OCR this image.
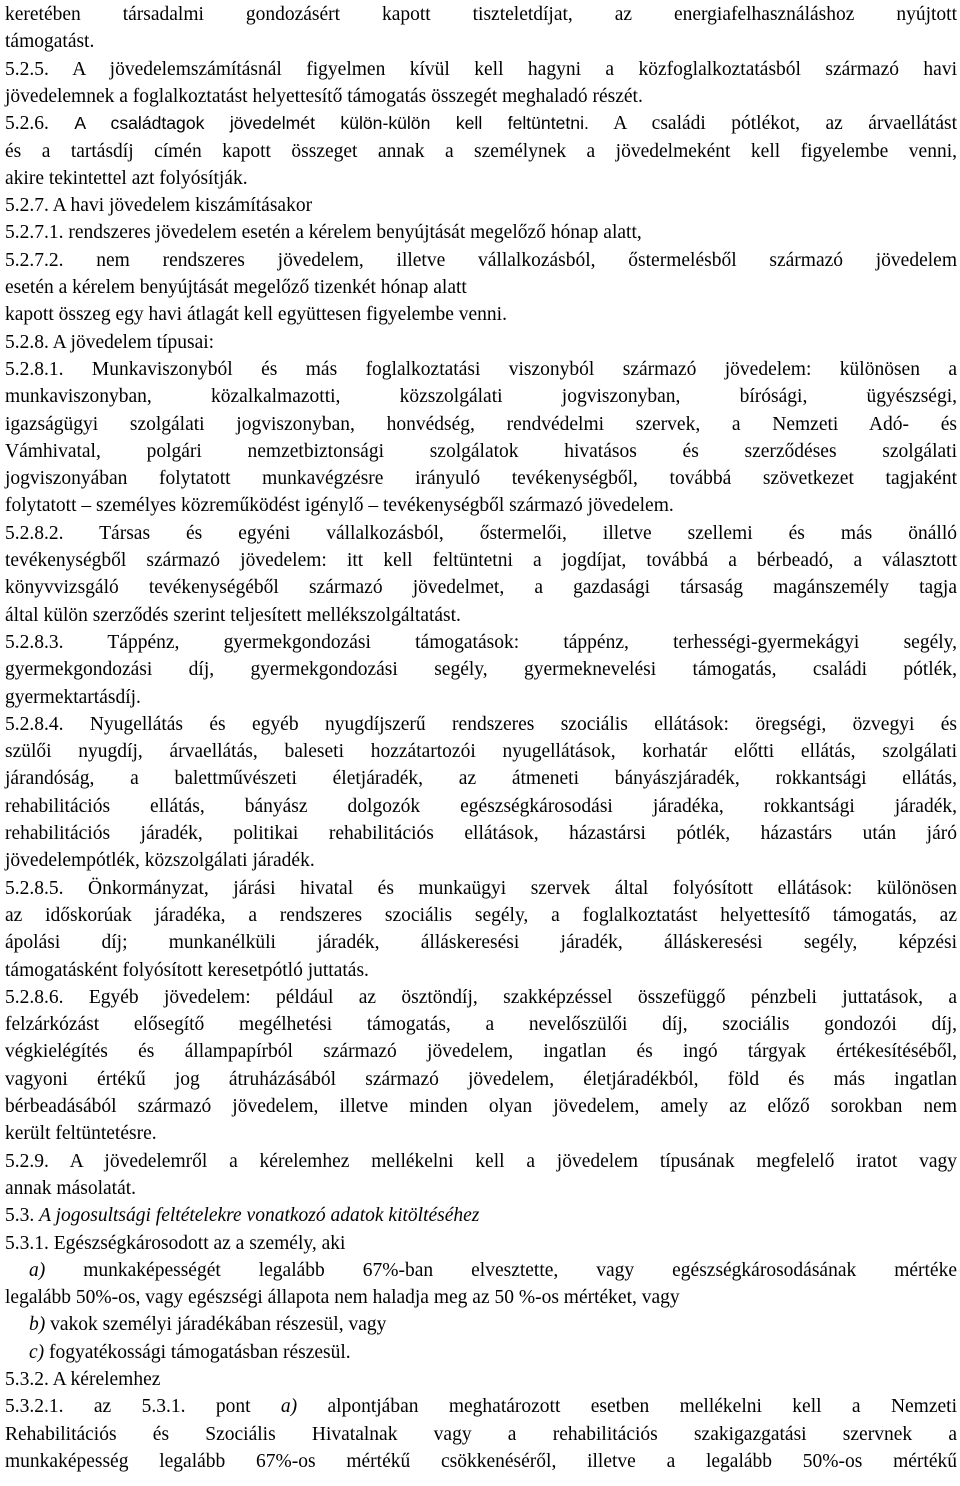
keretében társadalmi gondozásért kapott tiszteletdíjat, az energiafelhasználáshoz nyújtott
támogatást.
5.2.5. A jövedelemszámításnál figyelmen kívül kell hagyni a közfoglalkoztatásból származó havi
jövedelemnek a foglalkoztatást helyettesítő támogatás összegét meghaladó részét.
5.2.6. A családtagok jövedelmét külön-külön kell feltüntetni. A családi pótlékot, az árvaellátást
és a tartásdíj címén kapott összeget annak a személynek a jövedelmeként kell figyelembe venni,
akire tekintettel azt folyósítják.
5.2.7. A havi jövedelem kiszámításakor
5.2.7.1. rendszeres jövedelem esetén a kérelem benyújtását megelőző hónap alatt,
5.2.7.2. nem rendszeres jövedelem, illetve vállalkozásból, őstermelésből származó jövedelem
esetén a kérelem benyújtását megelőző tizenkét hónap alatt
kapott összeg egy havi átlagát kell együttesen figyelembe venni.
5.2.8. A jövedelem típusai:
5.2.8.1. Munkaviszonyból és más foglalkoztatási viszonyból származó jövedelem: különösen a
munkaviszonyban, közalkalmazotti, közszolgálati jogviszonyban, bírósági, ügyészségi,
igazságügyi szolgálati jogviszonyban, honvédség, rendvédelmi szervek, a Nemzeti Adó- és
Vámhivatal, polgári nemzetbiztonsági szolgálatok hivatásos és szerződéses szolgálati
jogviszonyában folytatott munkavégzésre irányuló tevékenységből, továbbá szövetkezet tagjaként
folytatott – személyes közreműködést igénylő – tevékenységből származó jövedelem.
5.2.8.2. Társas és egyéni vállalkozásból, őstermelői, illetve szellemi és más önálló
tevékenységből származó jövedelem: itt kell feltüntetni a jogdíjat, továbbá a bérbeadó, a választott
könyvvizsgáló tevékenységéből származó jövedelmet, a gazdasági társaság magánszemély tagja
által külön szerződés szerint teljesített mellékszolgáltatást.
5.2.8.3. Táppénz, gyermekgondozási támogatások: táppénz, terhességi-gyermekágyi segély,
gyermekgondozási díj, gyermekgondozási segély, gyermeknevelési támogatás, családi pótlék,
gyermektartásdíj.
5.2.8.4. Nyugellátás és egyéb nyugdíjszerű rendszeres szociális ellátások: öregségi, özvegyi és
szülői nyugdíj, árvaellátás, baleseti hozzátartozói nyugellátások, korhatár előtti ellátás, szolgálati
járandóság, a balettművészeti életjáradék, az átmeneti bányászjáradék, rokkantsági ellátás,
rehabilitációs ellátás, bányász dolgozók egészségkárosodási járadéka, rokkantsági járadék,
rehabilitációs járadék, politikai rehabilitációs ellátások, házastársi pótlék, házastárs után járó
jövedelempótlék, közszolgálati járadék.
5.2.8.5. Önkormányzat, járási hivatal és munkaügyi szervek által folyósított ellátások: különösen
az időskorúak járadéka, a rendszeres szociális segély, a foglalkoztatást helyettesítő támogatás, az
ápolási díj; munkanélküli járadék, álláskeresési járadék, álláskeresési segély, képzési
támogatásként folyósított keresetpótló juttatás.
5.2.8.6. Egyéb jövedelem: például az ösztöndíj, szakképzéssel összefüggő pénzbeli juttatások, a
felzárkózást elősegítő megélhetési támogatás, a nevelőszülői díj, szociális gondozói díj,
végkielégítés és állampapírból származó jövedelem, ingatlan és ingó tárgyak értékesítéséből,
vagyoni értékű jog átruházásából származó jövedelem, életjáradékból, föld és más ingatlan
bérbeadásából származó jövedelem, illetve minden olyan jövedelem, amely az előző sorokban nem
került feltüntetésre.
5.2.9. A jövedelemről a kérelemhez mellékelni kell a jövedelem típusának megfelelő iratot vagy
annak másolatát.
5.3. A jogosultsági feltételekre vonatkozó adatok kitöltéséhez
5.3.1. Egészségkárosodott az a személy, aki
a) munkaképességét legalább 67%-ban elvesztette, vagy egészségkárosodásának mértéke
legalább 50%-os, vagy egészségi állapota nem haladja meg az 50 %-os mértéket, vagy
b) vakok személyi járadékában részesül, vagy
c) fogyatékossági támogatásban részesül.
5.3.2. A kérelemhez
5.3.2.1. az 5.3.1. pont a) alpontjában meghatározott esetben mellékelni kell a Nemzeti
Rehabilitációs és Szociális Hivatalnak vagy a rehabilitációs szakigazgatási szervnek a
munkaképesség legalább 67%-os mértékű csökkenéséről, illetve a legalább 50%-os mértékű
